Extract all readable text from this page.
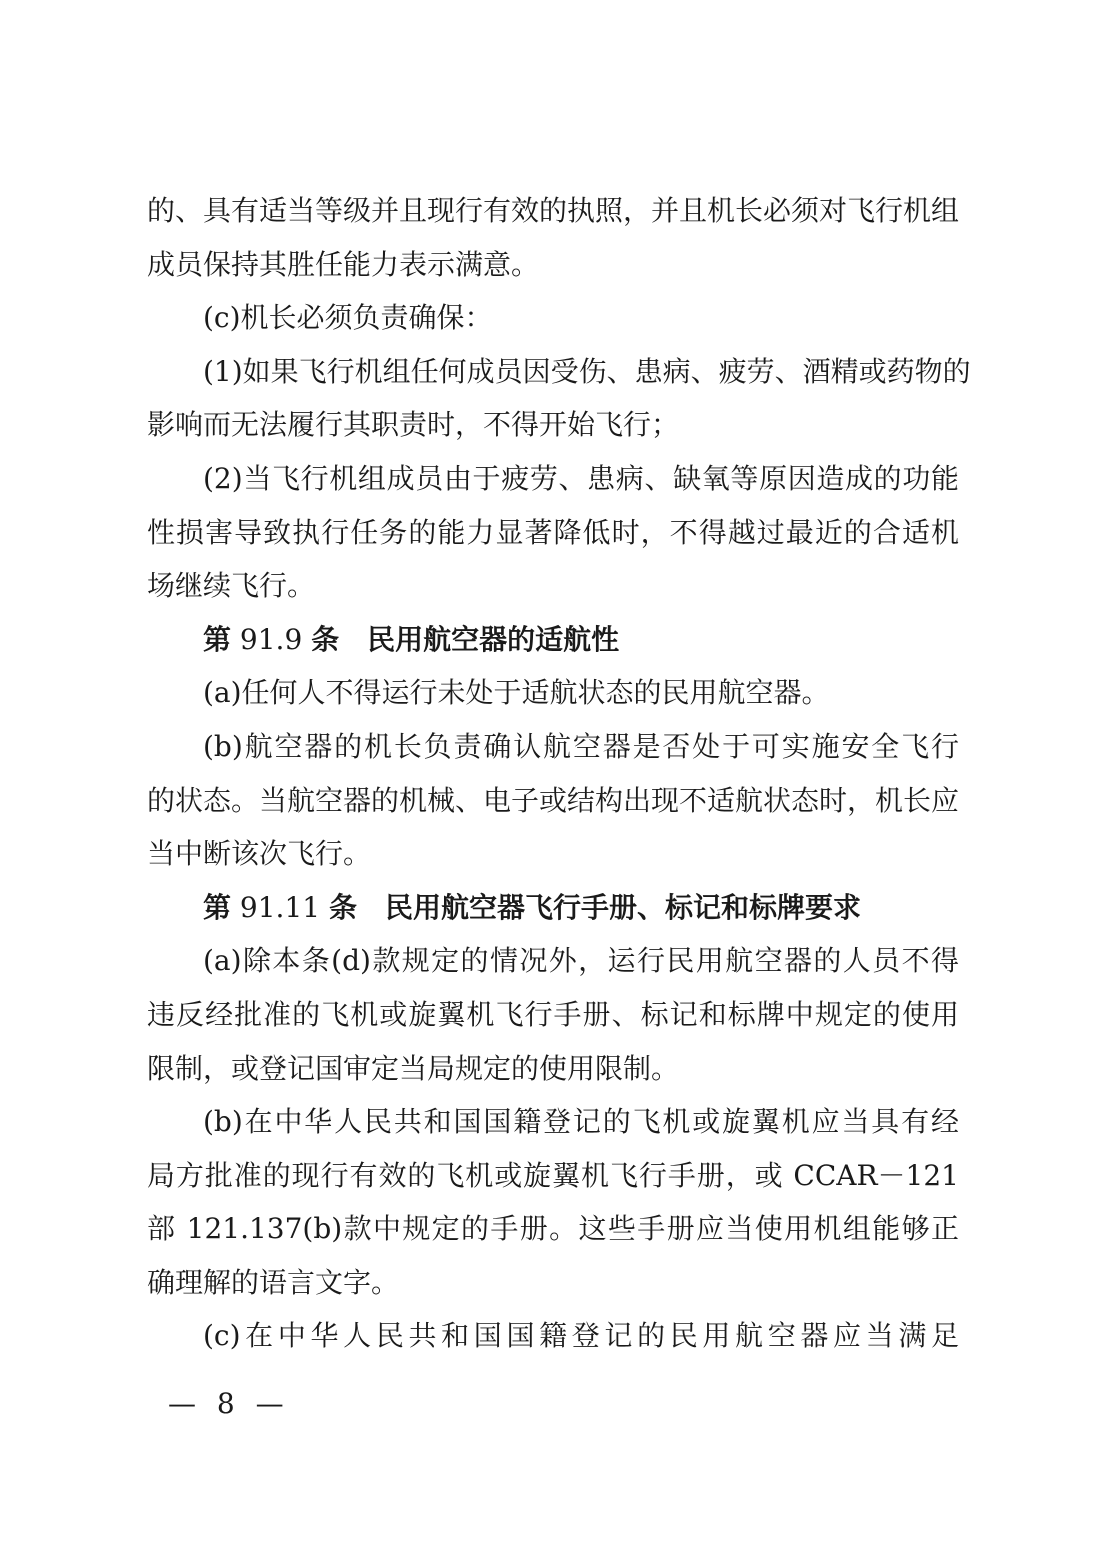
的、具有适当等级并且现行有效的执照，并且机长必须对飞行机组
成员保持其胜任能力表示满意。
(c)机长必须负责确保：
(1)如果飞行机组任何成员因受伤、患病、疲劳、酒精或药物的
影响而无法履行其职责时，不得开始飞行；
(2)当飞行机组成员由于疲劳、患病、缺氧等原因造成的功能
性损害导致执行任务的能力显著降低时，不得越过最近的合适机
场继续飞行。
第 91.9 条　民用航空器的适航性
(a)任何人不得运行未处于适航状态的民用航空器。
(b)航空器的机长负责确认航空器是否处于可实施安全飞行
的状态。当航空器的机械、电子或结构出现不适航状态时，机长应
当中断该次飞行。
第 91.11 条　民用航空器飞行手册、标记和标牌要求
(a)除本条(d)款规定的情况外，运行民用航空器的人员不得
违反经批准的飞机或旋翼机飞行手册、标记和标牌中规定的使用
限制，或登记国审定当局规定的使用限制。
(b)在中华人民共和国国籍登记的飞机或旋翼机应当具有经
局方批准的现行有效的飞机或旋翼机飞行手册，或 CCAR－121
部 121.137(b)款中规定的手册。这些手册应当使用机组能够正
确理解的语言文字。
(c)在中华人民共和国国籍登记的民用航空器应当满足
— 8 —
